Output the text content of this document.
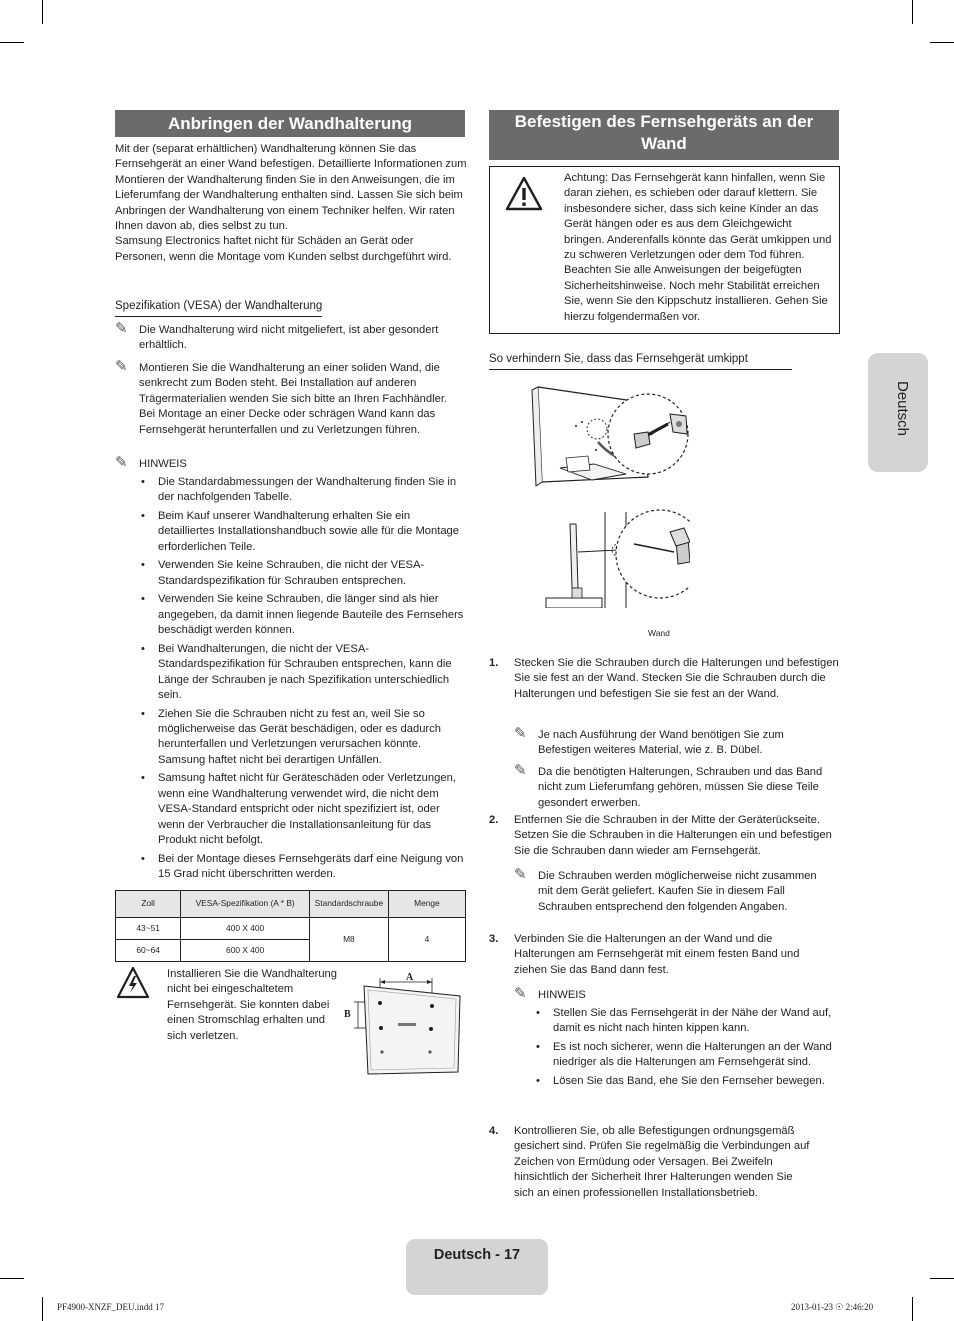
Anbringen der Wandhalterung

Mit der (separat erhältlichen) Wandhalterung können Sie das Fernsehgerät an einer Wand befestigen. Detaillierte Informationen zum Montieren der Wandhalterung finden Sie in den Anweisungen, die im Lieferumfang der Wandhalterung enthalten sind. Lassen Sie sich beim Anbringen der Wandhalterung von einem Techniker helfen. Wir raten Ihnen davon ab, dies selbst zu tun.

Samsung Electronics haftet nicht für Schäden an Gerät oder Personen, wenn die Montage vom Kunden selbst durchgeführt wird.

Spezifikation (VESA) der Wandhalterung
✎ Die Wandhalterung wird nicht mitgeliefert, ist aber gesondert erhältlich.
✎ Montieren Sie die Wandhalterung an einer soliden Wand, die senkrecht zum Boden steht. Bei Installation auf anderen Trägermaterialien wenden Sie sich bitte an Ihren Fachhändler. Bei Montage an einer Decke oder schrägen Wand kann das Fernsehgerät herunterfallen und zu Verletzungen führen.
✎ HINWEIS
• Die Standardabmessungen der Wandhalterung finden Sie in der nachfolgenden Tabelle.
• Beim Kauf unserer Wandhalterung erhalten Sie ein detailliertes Installationshandbuch sowie alle für die Montage erforderlichen Teile.
• Verwenden Sie keine Schrauben, die nicht der VESA-Standardspezifikation für Schrauben entsprechen.
• Verwenden Sie keine Schrauben, die länger sind als hier angegeben, da damit innen liegende Bauteile des Fernsehers beschädigt werden können.
• Bei Wandhalterungen, die nicht der VESA-Standardspezifikation für Schrauben entsprechen, kann die Länge der Schrauben je nach Spezifikation unterschiedlich sein.
• Ziehen Sie die Schrauben nicht zu fest an, weil Sie so möglicherweise das Gerät beschädigen, oder es dadurch herunterfallen und Verletzungen verursachen könnte. Samsung haftet nicht bei derartigen Unfällen.
• Samsung haftet nicht für Geräteschäden oder Verletzungen, wenn eine Wandhalterung verwendet wird, die nicht dem VESA-Standard entspricht oder nicht spezifiziert ist, oder wenn der Verbraucher die Installationsanleitung für das Produkt nicht befolgt.
• Bei der Montage dieses Fernsehgeräts darf eine Neigung von 15 Grad nicht überschritten werden.
Zoll	VESA-Spezifikation (A * B)	Standardschraube	Menge
43~51	400 X 400	M8	4
60~64	600 X 400		
Installieren Sie die Wandhalterung nicht bei eingeschaltetem Fernsehgerät. Sie konnten dabei einen Stromschlag erhalten und sich verletzen.
A
B
Befestigen des Fernsehgeräts an der
Wand
Achtung: Das Fernsehgerät kann hinfallen, wenn Sie daran ziehen, es schieben oder darauf klettern. Sie insbesondere sicher, dass sich keine Kinder an das Gerät hängen oder es aus dem Gleichgewicht bringen. Anderenfalls könnte das Gerät umkippen und zu schweren Verletzungen oder dem Tod führen. Beachten Sie alle Anweisungen der beigefügten Sicherheitshinweise. Noch mehr Stabilität erreichen Sie, wenn Sie den Kippschutz installieren. Gehen Sie hierzu folgendermaßen vor.
So verhindern Sie, dass das Fernsehgerät umkippt
Wand
1. Stecken Sie die Schrauben durch die Halterungen und befestigen Sie sie fest an der Wand. Stecken Sie die Schrauben durch die Halterungen und befestigen Sie sie fest an der Wand.
✎ Je nach Ausführung der Wand benötigen Sie zum Befestigen weiteres Material, wie z. B. Dübel.
✎ Da die benötigten Halterungen, Schrauben und das Band nicht zum Lieferumfang gehören, müssen Sie diese Teile gesondert erwerben.
2. Entfernen Sie die Schrauben in der Mitte der Geräterückseite. Setzen Sie die Schrauben in die Halterungen ein und befestigen Sie die Schrauben dann wieder am Fernsehgerät.
✎ Die Schrauben werden möglicherweise nicht zusammen mit dem Gerät geliefert. Kaufen Sie in diesem Fall Schrauben entsprechend den folgenden Angaben.
3. Verbinden Sie die Halterungen an der Wand und die Halterungen am Fernsehgerät mit einem festen Band und ziehen Sie das Band dann fest.
✎ HINWEIS
• Stellen Sie das Fernsehgerät in der Nähe der Wand auf, damit es nicht nach hinten kippen kann.
• Es ist noch sicherer, wenn die Halterungen an der Wand niedriger als die Halterungen am Fernsehgerät sind.
• Lösen Sie das Band, ehe Sie den Fernseher bewegen.
4. Kontrollieren Sie, ob alle Befestigungen ordnungsgemäß gesichert sind. Prüfen Sie regelmäßig die Verbindungen auf Zeichen von Ermüdung oder Versagen. Bei Zweifeln hinsichtlich der Sicherheit Ihrer Halterungen wenden Sie sich an einen professionellen Installationsbetrieb.
Deutsch
Deutsch - 17
PF4900-XNZF_DEU.indd 17	2013-01-23 ☉ 2:46:20
